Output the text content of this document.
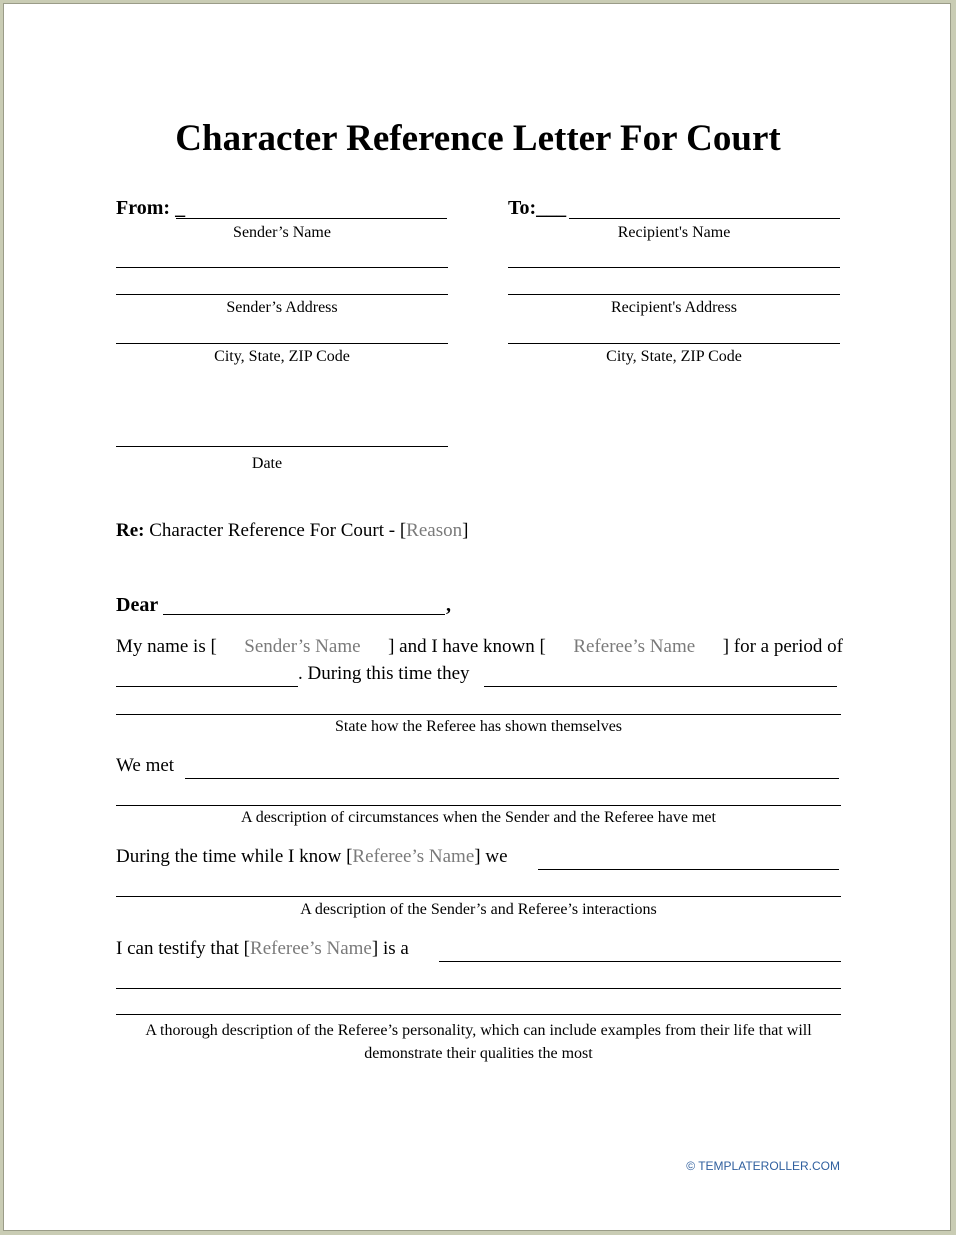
Character Reference Letter For Court
From: _
Sender’s Name
Sender’s Address
City, State, ZIP Code
Date
To:___
Recipient's Name
Recipient's Address
City, State, ZIP Code
Re: Character Reference For Court - [Reason]
Dear	,
My name is [ Sender’s Name ] and I have known [ Referee’s Name ] for a period of
. During this time they
State how the Referee has shown themselves
We met
A description of circumstances when the Sender and the Referee have met
During the time while I know [Referee’s Name] we
A description of the Sender’s and Referee’s interactions
I can testify that [Referee’s Name] is a
A thorough description of the Referee’s personality, which can include examples from their life that will
demonstrate their qualities the most
© TEMPLATEROLLER.COM
